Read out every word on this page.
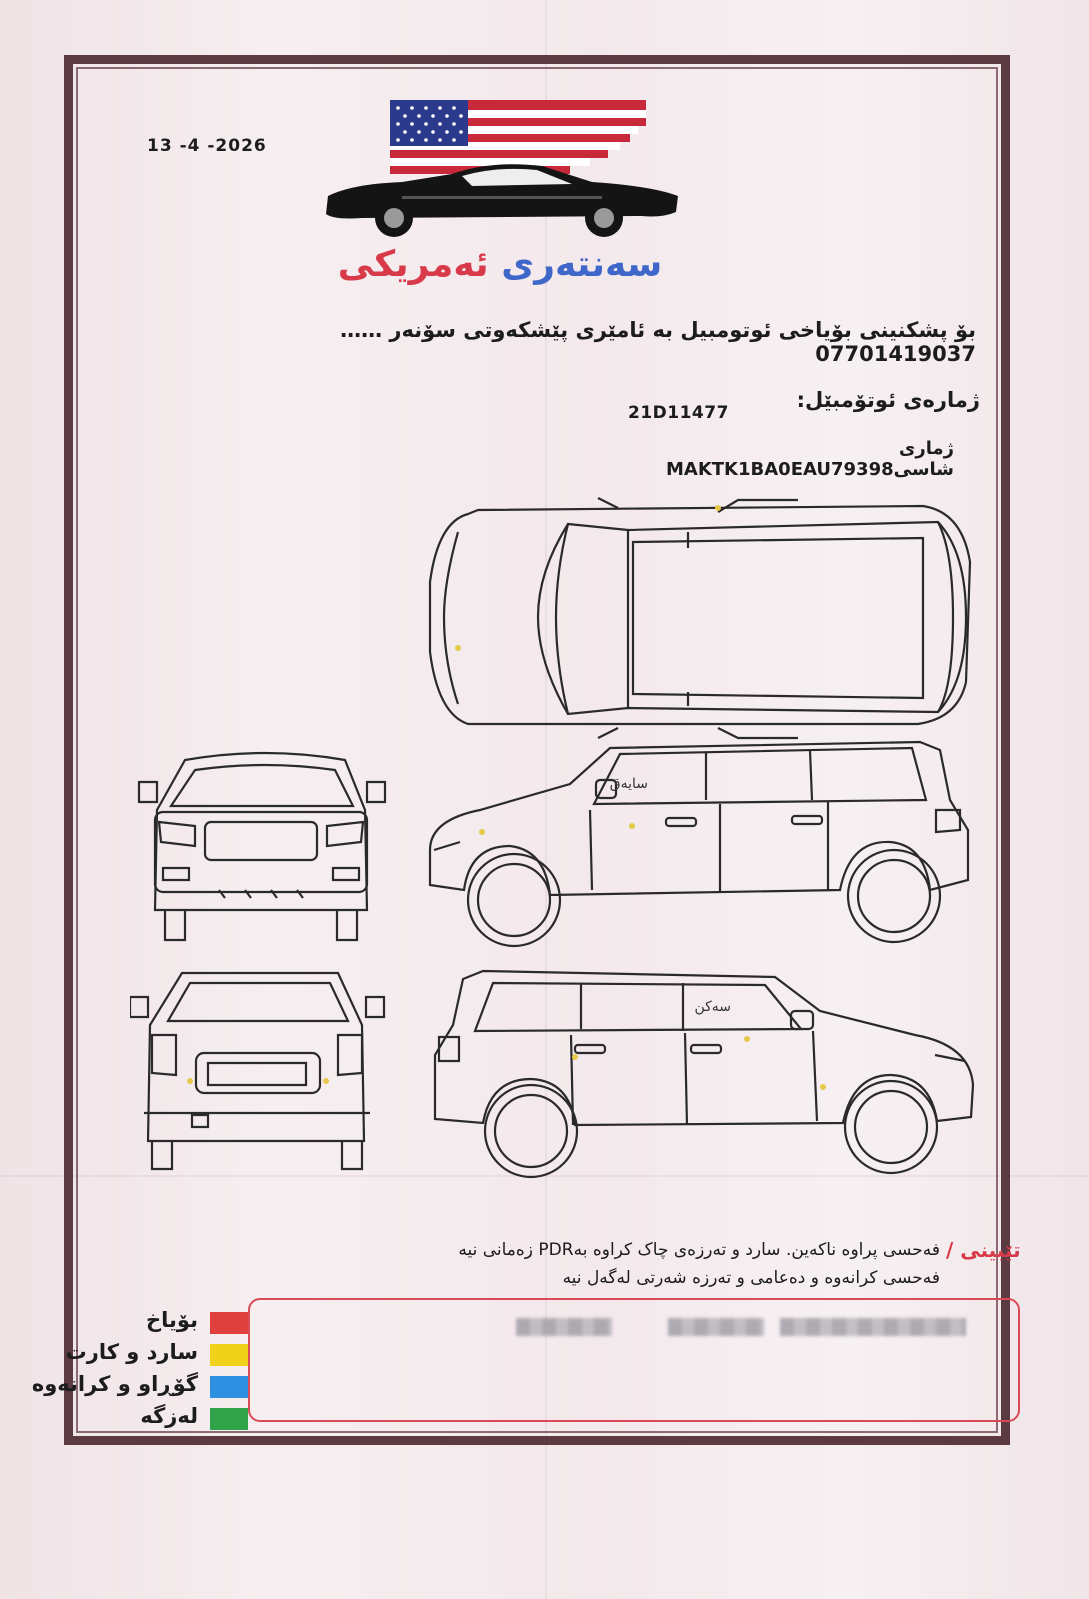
13 -4 -2026
سەنتەری ئەمریکی
بۆ پشکنینی بۆیاخی ئوتومبیل بە ئامێری پێشکەوتی سۆنەر …… 07701419037
ژمارەی ئوتۆمبێل:
21D11477
ژماری شاسیMAKTK1BA0EAU79398
سایەق
سەکن
تێبینی /
فەحسی پراوە ناکەین. سارد و تەرزەی چاک کراوە بەPDR زەمانی نیە
فەحسی کرانەوە و دەعامی و تەرزە شەرتی لەگەل نیە
بۆیاخ
سارد و کارت
گۆڕاو و کرانەوە
لەزگە
